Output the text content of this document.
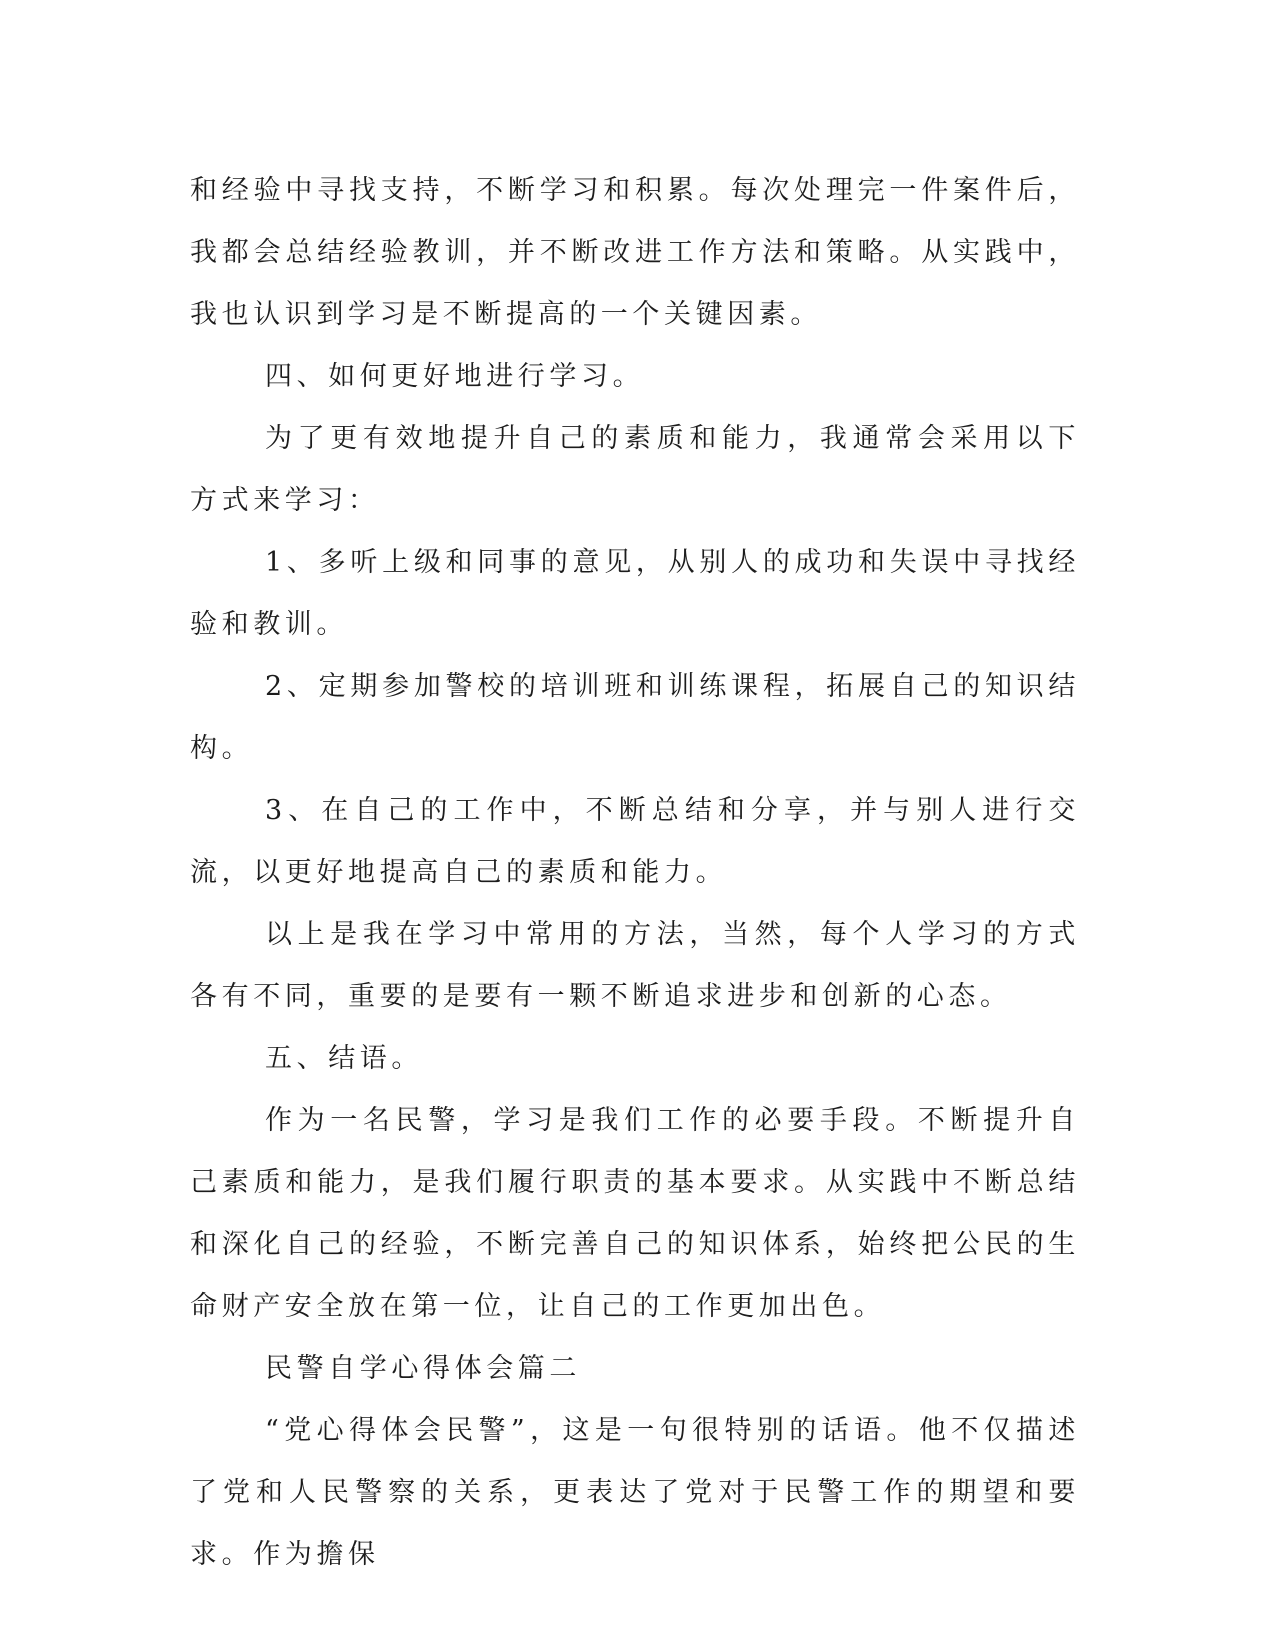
和经验中寻找支持，不断学习和积累。每次处理完一件案件后，我都会总结经验教训，并不断改进工作方法和策略。从实践中，我也认识到学习是不断提高的一个关键因素。

四、如何更好地进行学习。

为了更有效地提升自己的素质和能力，我通常会采用以下方式来学习：

1、多听上级和同事的意见，从别人的成功和失误中寻找经验和教训。

2、定期参加警校的培训班和训练课程，拓展自己的知识结构。

3、在自己的工作中，不断总结和分享，并与别人进行交流，以更好地提高自己的素质和能力。

以上是我在学习中常用的方法，当然，每个人学习的方式各有不同，重要的是要有一颗不断追求进步和创新的心态。

五、结语。

作为一名民警，学习是我们工作的必要手段。不断提升自己素质和能力，是我们履行职责的基本要求。从实践中不断总结和深化自己的经验，不断完善自己的知识体系，始终把公民的生命财产安全放在第一位，让自己的工作更加出色。

民警自学心得体会篇二

“党心得体会民警”，这是一句很特别的话语。他不仅描述了党和人民警察的关系，更表达了党对于民警工作的期望和要求。作为擔保
